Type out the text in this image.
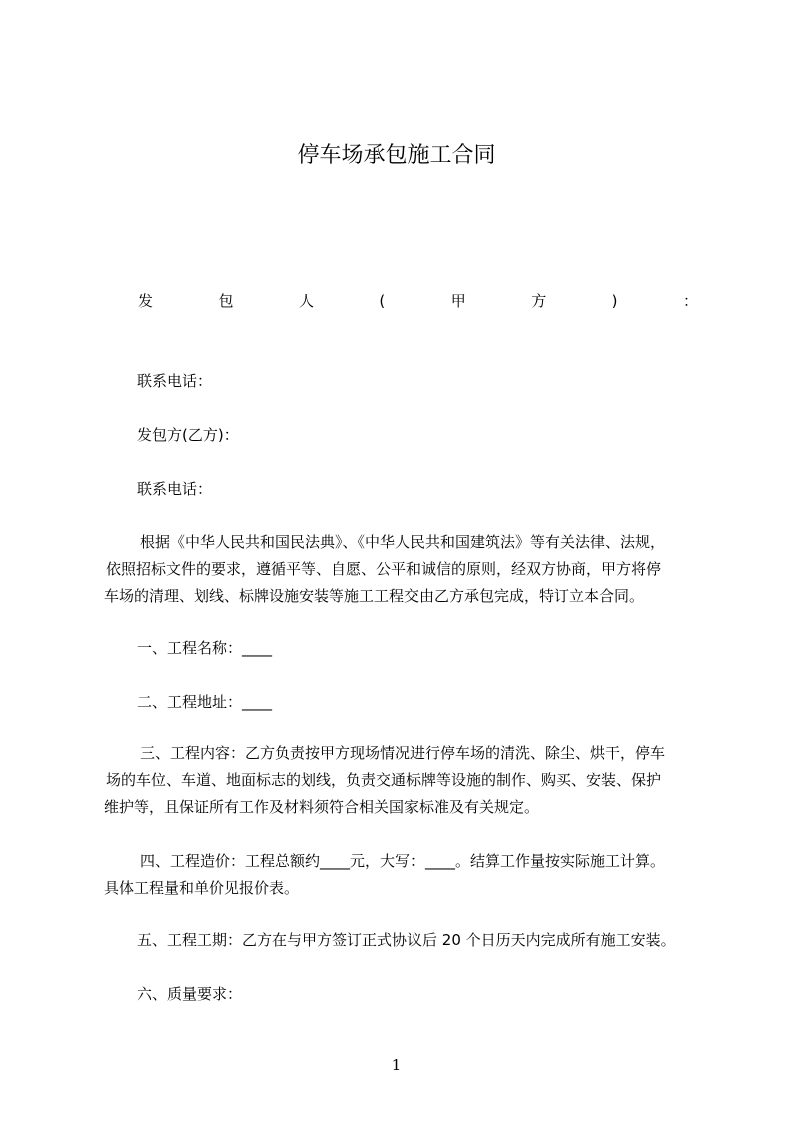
停车场承包施工合同
发	包	人	(	甲	方	)	：
联系电话：
发包方(乙方)：
联系电话：
根据《中华人民共和国民法典》、《中华人民共和国建筑法》等有关法律、法规，
依照招标文件的要求，遵循平等、自愿、公平和诚信的原则，经双方协商，甲方将停
车场的清理、划线、标牌设施安装等施工工程交由乙方承包完成，特订立本合同。
一、工程名称：____
二、工程地址：____
三、工程内容：乙方负责按甲方现场情况进行停车场的清洗、除尘、烘干，停车
场的车位、车道、地面标志的划线，负责交通标牌等设施的制作、购买、安装、保护
维护等，且保证所有工作及材料须符合相关国家标准及有关规定。
四、工程造价：工程总额约____元，大写：____。结算工作量按实际施工计算。
具体工程量和单价见报价表。
五、工程工期：乙方在与甲方签订正式协议后 20 个日历天内完成所有施工安装。
六、质量要求：
1
